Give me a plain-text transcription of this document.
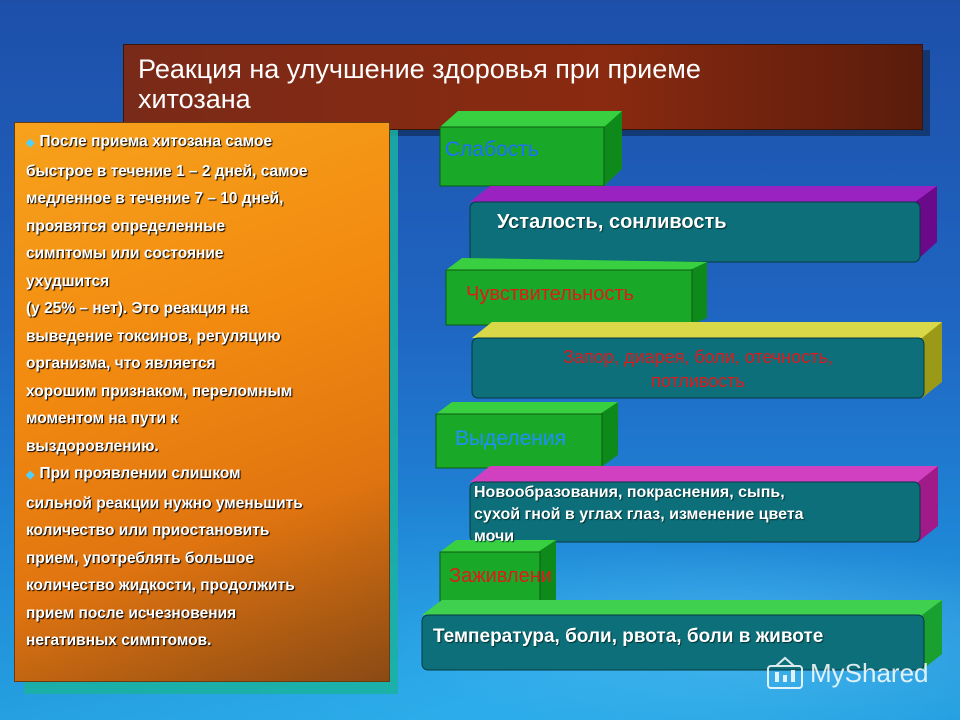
Реакция на улучшение здоровья при приеме
хитозана
◆ После приема хитозана самое
быстрое в течение 1 – 2 дней, самое
медленное в течение 7 – 10 дней,
проявятся определенные
симптомы или состояние
ухудшится
(у 25% – нет). Это реакция на
выведение токсинов, регуляцию
организма, что является
хорошим признаком, переломным
моментом на пути к
выздоровлению.
◆ При проявлении слишком
сильной реакции нужно уменьшить
количество или приостановить
прием, употреблять большое
количество жидкости, продолжить
прием после исчезновения
негативных симптомов.
Слабость
Усталость, сонливость
Чувствительность
Запор, диарея, боли, отечность,
потливость
Выделения
Новообразования, покраснения, сыпь,
сухой гной в углах глаз, изменение цвета
мочи
Заживлени
Температура, боли, рвота, боли в животе
MyShared
